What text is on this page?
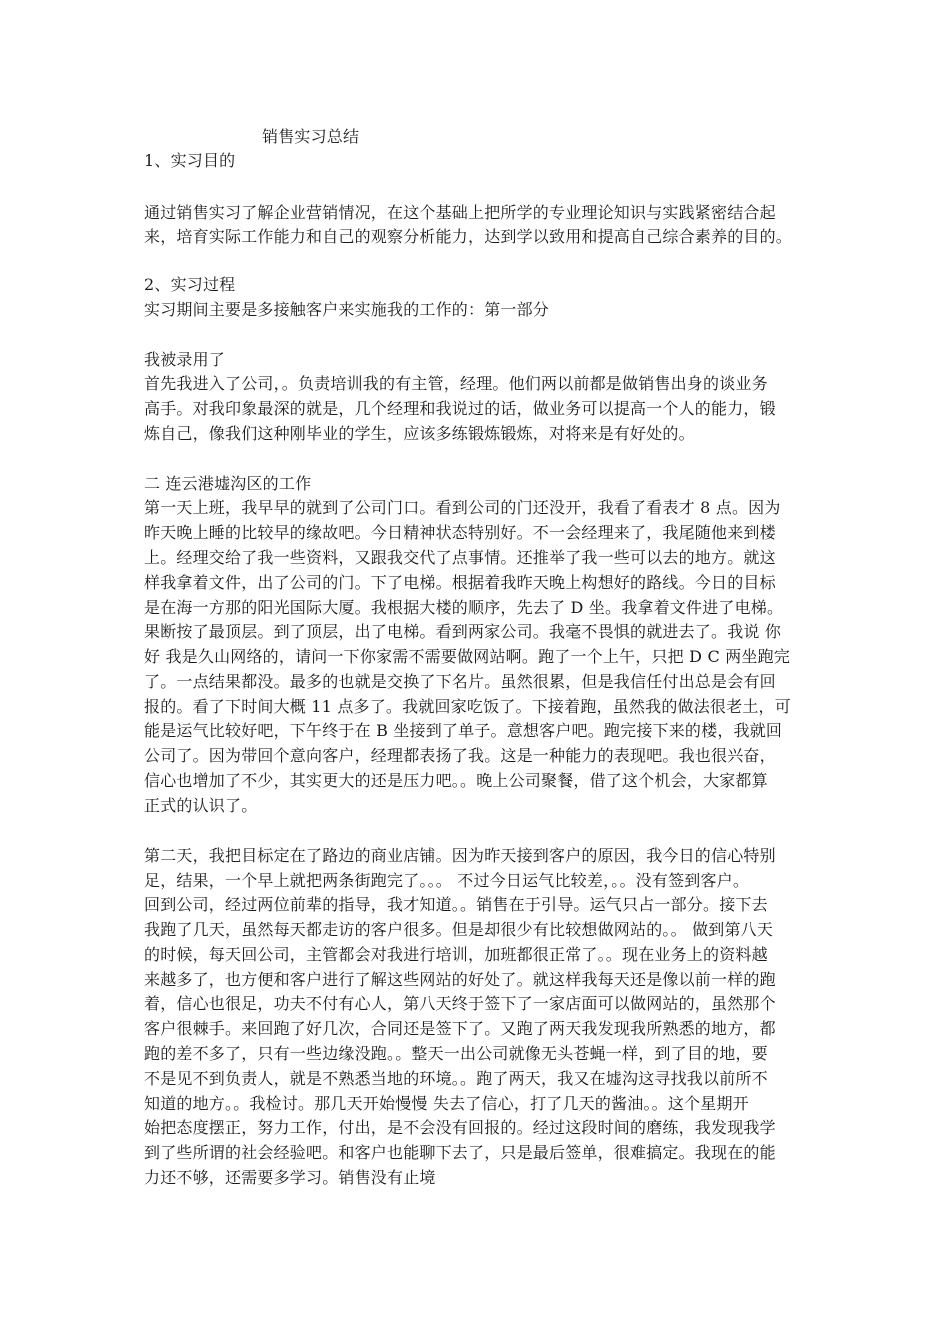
销售实习总结
1、实习目的
通过销售实习了解企业营销情况，在这个基础上把所学的专业理论知识与实践紧密结合起
来，培育实际工作能力和自己的观察分析能力，达到学以致用和提高自己综合素养的目的。
2、实习过程
实习期间主要是多接触客户来实施我的工作的：第一部分
我被录用了
首先我进入了公司，。负责培训我的有主管，经理。他们两以前都是做销售出身的谈业务
高手。对我印象最深的就是，几个经理和我说过的话，做业务可以提高一个人的能力，锻
炼自己，像我们这种刚毕业的学生，应该多练锻炼锻炼，对将来是有好处的。
二 连云港墟沟区的工作
第一天上班，我早早的就到了公司门口。看到公司的门还没开，我看了看表才 8 点。因为
昨天晚上睡的比较早的缘故吧。今日精神状态特别好。不一会经理来了，我尾随他来到楼
上。经理交给了我一些资料，又跟我交代了点事情。还推举了我一些可以去的地方。就这
样我拿着文件，出了公司的门。下了电梯。根据着我昨天晚上构想好的路线。今日的目标
是在海一方那的阳光国际大厦。我根据大楼的顺序，先去了 D 坐。我拿着文件进了电梯。
果断按了最顶层。到了顶层，出了电梯。看到两家公司。我毫不畏惧的就进去了。我说 你
好 我是久山网络的，请问一下你家需不需要做网站啊。跑了一个上午，只把 D C 两坐跑完
了。一点结果都没。最多的也就是交换了下名片。虽然很累，但是我信任付出总是会有回
报的。看了下时间大概 11 点多了。我就回家吃饭了。下接着跑，虽然我的做法很老土，可
能是运气比较好吧，下午终于在 B 坐接到了单子。意想客户吧。跑完接下来的楼，我就回
公司了。因为带回个意向客户，经理都表扬了我。这是一种能力的表现吧。我也很兴奋，
信心也增加了不少，其实更大的还是压力吧。。晚上公司聚餐，借了这个机会，大家都算
正式的认识了。
第二天，我把目标定在了路边的商业店铺。因为昨天接到客户的原因，我今日的信心特别
足，结果，一个早上就把两条街跑完了。。。 不过今日运气比较差，。。没有签到客户。
回到公司，经过两位前辈的指导，我才知道。。销售在于引导。运气只占一部分。接下去
我跑了几天，虽然每天都走访的客户很多。但是却很少有比较想做网站的。。 做到第八天
的时候，每天回公司，主管都会对我进行培训，加班都很正常了。。现在业务上的资料越
来越多了，也方便和客户进行了解这些网站的好处了。就这样我每天还是像以前一样的跑
着，信心也很足，功夫不付有心人，第八天终于签下了一家店面可以做网站的，虽然那个
客户很棘手。来回跑了好几次，合同还是签下了。又跑了两天我发现我所熟悉的地方，都
跑的差不多了，只有一些边缘没跑。。整天一出公司就像无头苍蝇一样，到了目的地，要
不是见不到负责人，就是不熟悉当地的环境。。跑了两天，我又在墟沟这寻找我以前所不
知道的地方。。我检讨。那几天开始慢慢 失去了信心，打了几天的酱油。。这个星期开
始把态度摆正，努力工作，付出，是不会没有回报的。经过这段时间的磨练，我发现我学
到了些所谓的社会经验吧。和客户也能聊下去了，只是最后签单，很难搞定。我现在的能
力还不够，还需要多学习。销售没有止境
